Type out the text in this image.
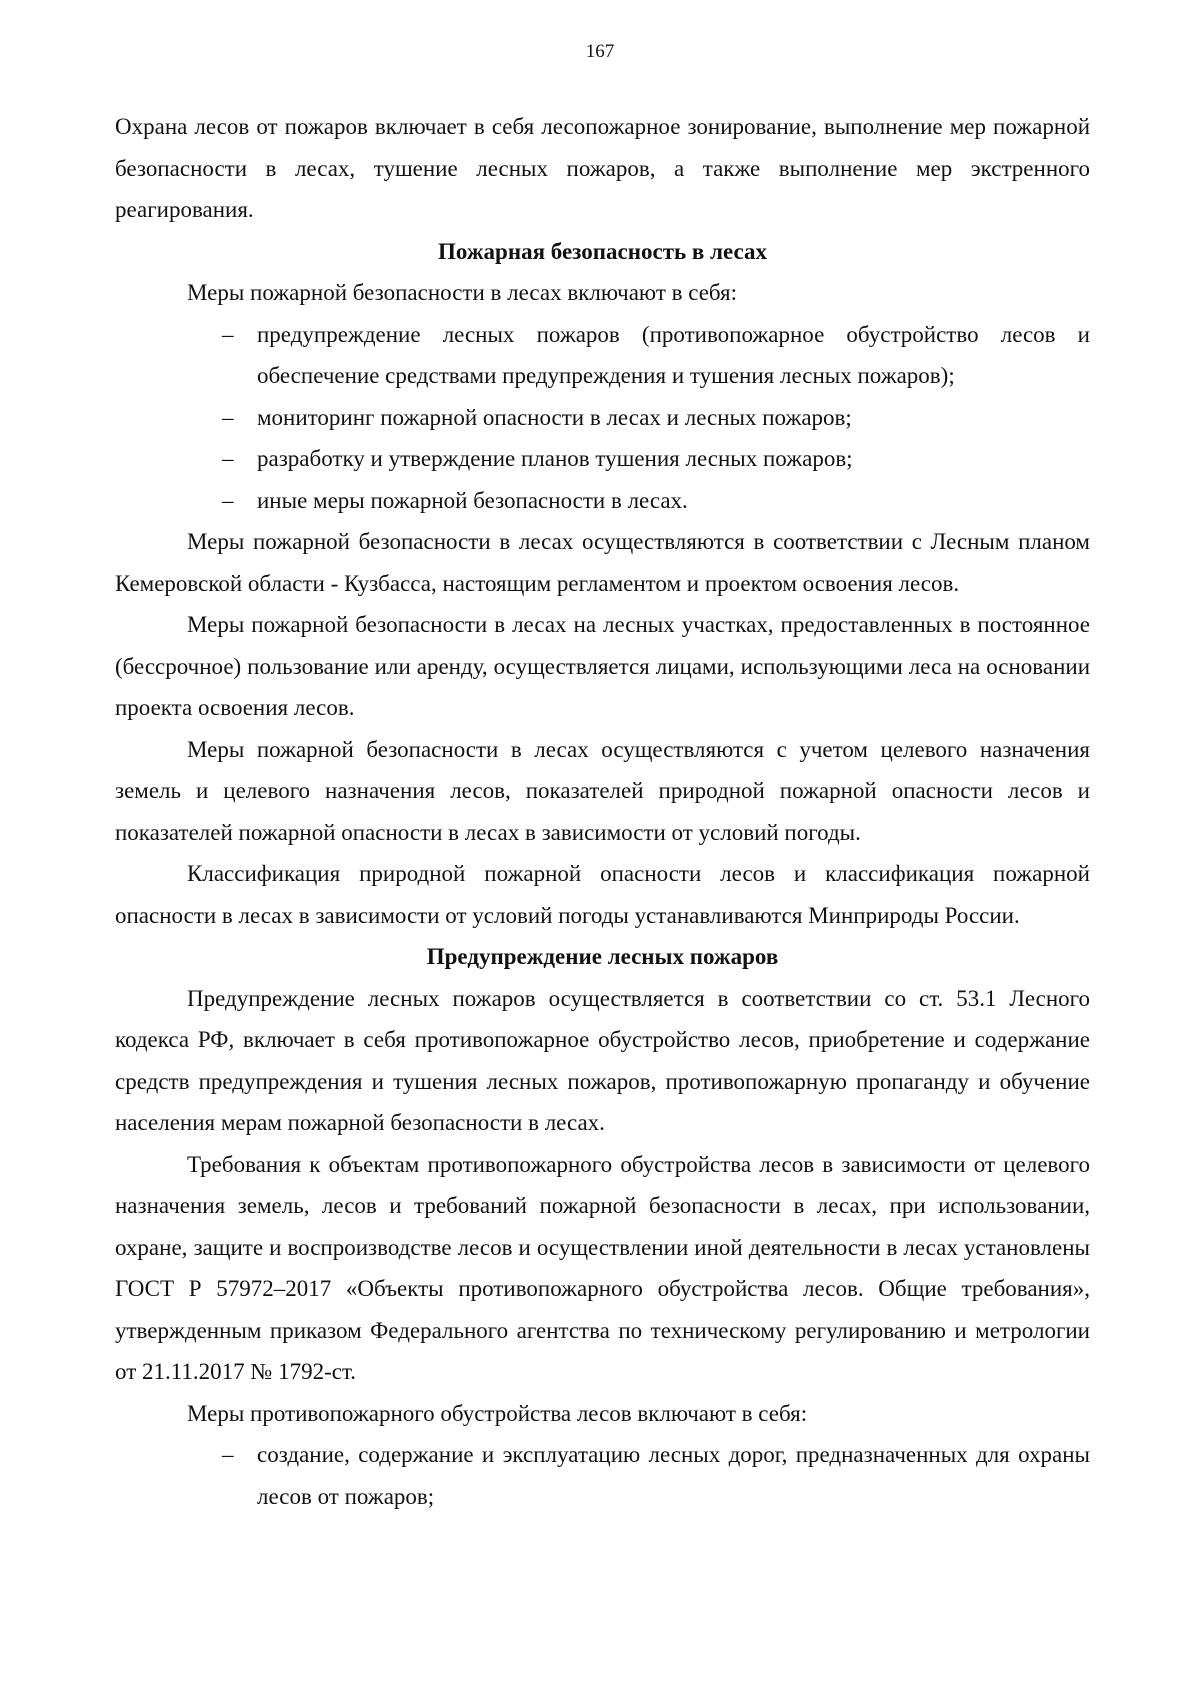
167

Охрана лесов от пожаров включает в себя лесопожарное зонирование, выполнение мер пожарной безопасности в лесах, тушение лесных пожаров, а также выполнение мер экстренного реагирования.

Пожарная безопасность в лесах

Меры пожарной безопасности в лесах включают в себя:

– предупреждение лесных пожаров (противопожарное обустройство лесов и обеспечение средствами предупреждения и тушения лесных пожаров);
– мониторинг пожарной опасности в лесах и лесных пожаров;
– разработку и утверждение планов тушения лесных пожаров;
– иные меры пожарной безопасности в лесах.

Меры пожарной безопасности в лесах осуществляются в соответствии с Лесным планом Кемеровской области - Кузбасса, настоящим регламентом и проектом освоения лесов.

Меры пожарной безопасности в лесах на лесных участках, предоставленных в постоянное (бессрочное) пользование или аренду, осуществляется лицами, использующими леса на основании проекта освоения лесов.

Меры пожарной безопасности в лесах осуществляются с учетом целевого назначения земель и целевого назначения лесов, показателей природной пожарной опасности лесов и показателей пожарной опасности в лесах в зависимости от условий погоды.

Классификация природной пожарной опасности лесов и классификация пожарной опасности в лесах в зависимости от условий погоды устанавливаются Минприроды России.

Предупреждение лесных пожаров

Предупреждение лесных пожаров осуществляется в соответствии со ст. 53.1 Лесного кодекса РФ, включает в себя противопожарное обустройство лесов, приобретение и содержание средств предупреждения и тушения лесных пожаров, противопожарную пропаганду и обучение населения мерам пожарной безопасности в лесах.

Требования к объектам противопожарного обустройства лесов в зависимости от целевого назначения земель, лесов и требований пожарной безопасности в лесах, при использовании, охране, защите и воспроизводстве лесов и осуществлении иной деятельности в лесах установлены ГОСТ Р 57972–2017 «Объекты противопожарного обустройства лесов. Общие требования», утвержденным приказом Федерального агентства по техническому регулированию и метрологии от 21.11.2017 № 1792-ст.

Меры противопожарного обустройства лесов включают в себя:

– создание, содержание и эксплуатацию лесных дорог, предназначенных для охраны лесов от пожаров;
